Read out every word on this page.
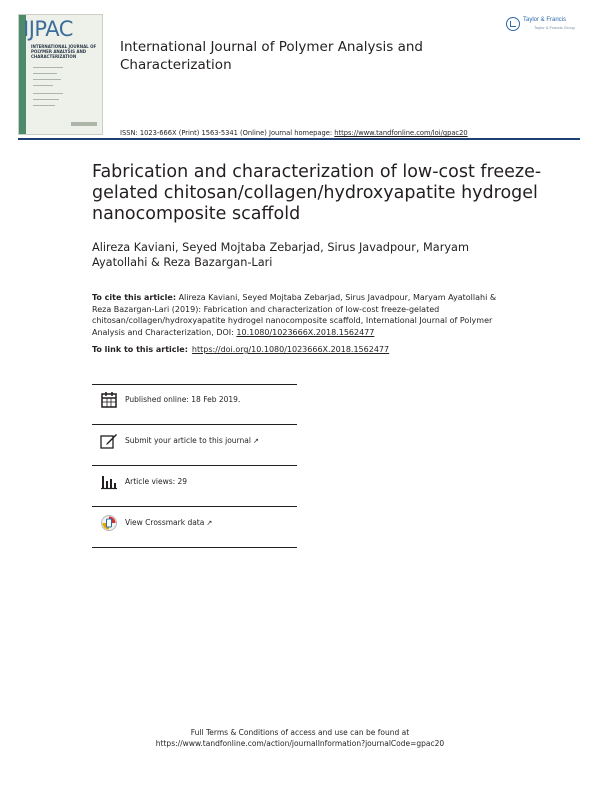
IJPAC
INTERNATIONAL JOURNAL OF POLYMER ANALYSIS AND CHARACTERIZATION
Taylor & Francis
Taylor & Francis Group
International Journal of Polymer Analysis and Characterization
ISSN: 1023-666X (Print) 1563-5341 (Online) Journal homepage: https://www.tandfonline.com/loi/gpac20
Fabrication and characterization of low-cost freeze-gelated chitosan/collagen/hydroxyapatite hydrogel nanocomposite scaffold
Alireza Kaviani, Seyed Mojtaba Zebarjad, Sirus Javadpour, Maryam Ayatollahi & Reza Bazargan-Lari
To cite this article: Alireza Kaviani, Seyed Mojtaba Zebarjad, Sirus Javadpour, Maryam Ayatollahi & Reza Bazargan-Lari (2019): Fabrication and characterization of low-cost freeze-gelated chitosan/collagen/hydroxyapatite hydrogel nanocomposite scaffold, International Journal of Polymer Analysis and Characterization, DOI: 10.1080/1023666X.2018.1562477
To link to this article: https://doi.org/10.1080/1023666X.2018.1562477
Published online: 18 Feb 2019.
Submit your article to this journal ↗
Article views: 29
View Crossmark data ↗
Full Terms & Conditions of access and use can be found at
https://www.tandfonline.com/action/journalInformation?journalCode=gpac20
